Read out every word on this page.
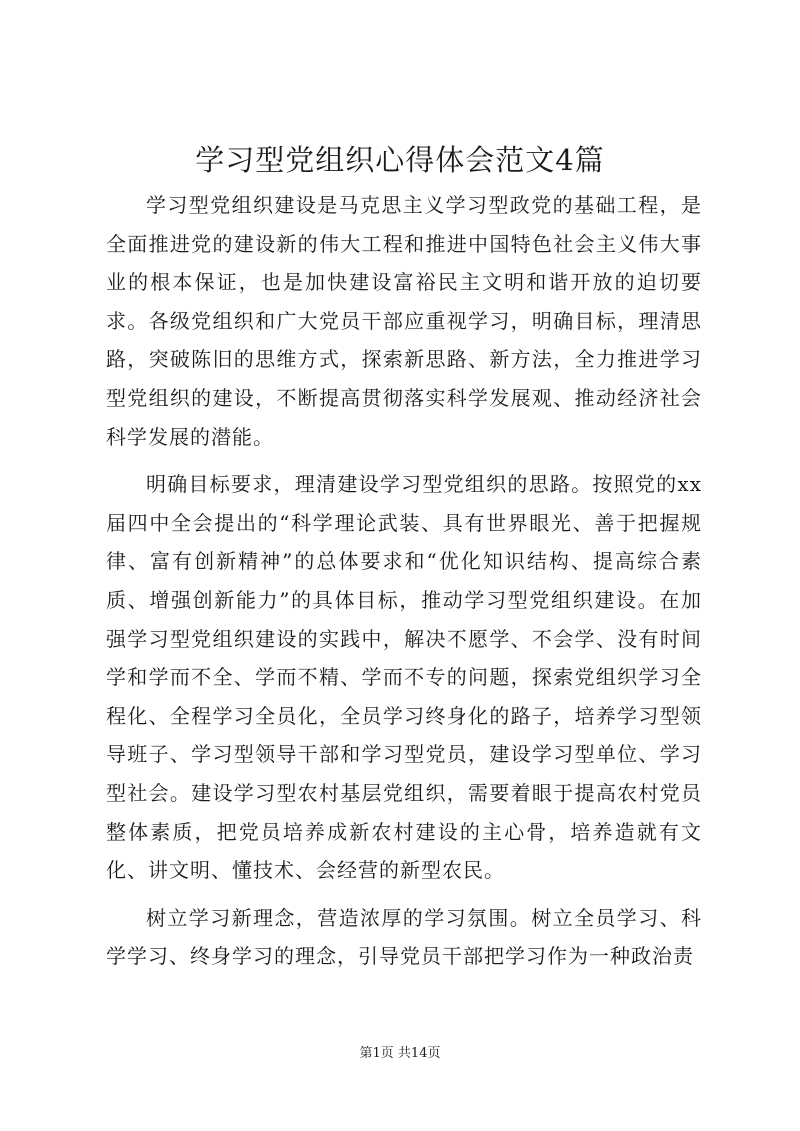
学习型党组织心得体会范文4篇

学习型党组织建设是马克思主义学习型政党的基础工程，是全面推进党的建设新的伟大工程和推进中国特色社会主义伟大事业的根本保证，也是加快建设富裕民主文明和谐开放的迫切要求。各级党组织和广大党员干部应重视学习，明确目标，理清思路，突破陈旧的思维方式，探索新思路、新方法，全力推进学习型党组织的建设，不断提高贯彻落实科学发展观、推动经济社会科学发展的潜能。

明确目标要求，理清建设学习型党组织的思路。按照党的xx届四中全会提出的“科学理论武装、具有世界眼光、善于把握规律、富有创新精神”的总体要求和“优化知识结构、提高综合素质、增强创新能力”的具体目标，推动学习型党组织建设。在加强学习型党组织建设的实践中，解决不愿学、不会学、没有时间学和学而不全、学而不精、学而不专的问题，探索党组织学习全程化、全程学习全员化，全员学习终身化的路子，培养学习型领导班子、学习型领导干部和学习型党员，建设学习型单位、学习型社会。建设学习型农村基层党组织，需要着眼于提高农村党员整体素质，把党员培养成新农村建设的主心骨，培养造就有文化、讲文明、懂技术、会经营的新型农民。

树立学习新理念，营造浓厚的学习氛围。树立全员学习、科学学习、终身学习的理念，引导党员干部把学习作为一种政治责

第1页 共14页
